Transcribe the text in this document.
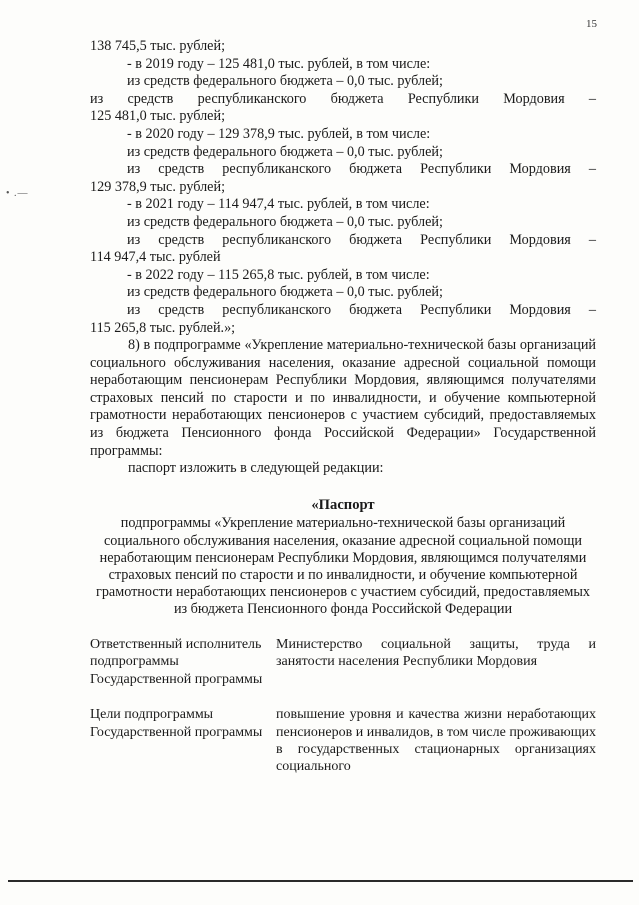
15
• .—

138 745,5 тыс. рублей;

- в 2019 году – 125 481,0 тыс. рублей, в том числе:

из средств федерального бюджета – 0,0 тыс. рублей;

из средств республиканского бюджета Республики Мордовия –

125 481,0 тыс. рублей;

- в 2020 году – 129 378,9 тыс. рублей, в том числе:

из средств федерального бюджета – 0,0 тыс. рублей;

из средств республиканского бюджета Республики Мордовия –

129 378,9 тыс. рублей;

- в 2021 году – 114 947,4 тыс. рублей, в том числе:

из средств федерального бюджета – 0,0 тыс. рублей;

из средств республиканского бюджета Республики Мордовия –

114 947,4 тыс. рублей

- в 2022 году – 115 265,8 тыс. рублей, в том числе:

из средств федерального бюджета – 0,0 тыс. рублей;

из средств республиканского бюджета Республики Мордовия –

115 265,8 тыс. рублей.»;

8) в подпрограмме «Укрепление материально-технической базы организаций социального обслуживания населения, оказание адресной социальной помощи неработающим пенсионерам Республики Мордовия, являющимся получателями страховых пенсий по старости и по инвалидности, и обучение компьютерной грамотности неработающих пенсионеров с участием субсидий, предоставляемых из бюджета Пенсионного фонда Российской Федерации» Государственной программы:

паспорт изложить в следующей редакции:

«Паспорт

подпрограммы «Укрепление материально-технической базы организаций социального обслуживания населения, оказание адресной социальной помощи неработающим пенсионерам Республики Мордовия, являющимся получателями страховых пенсий по старости и по инвалидности, и обучение компьютерной грамотности неработающих пенсионеров с участием субсидий, предоставляемых из бюджета Пенсионного фонда Российской Федерации

Ответственный исполнитель подпрограммы Государственной программы	Министерство социальной защиты, труда и занятости населения Республики Мордовия
Цели подпрограммы Государственной программы	повышение уровня и качества жизни неработающих пенсионеров и инвалидов, в том числе проживающих в государственных стационарных организациях социального
